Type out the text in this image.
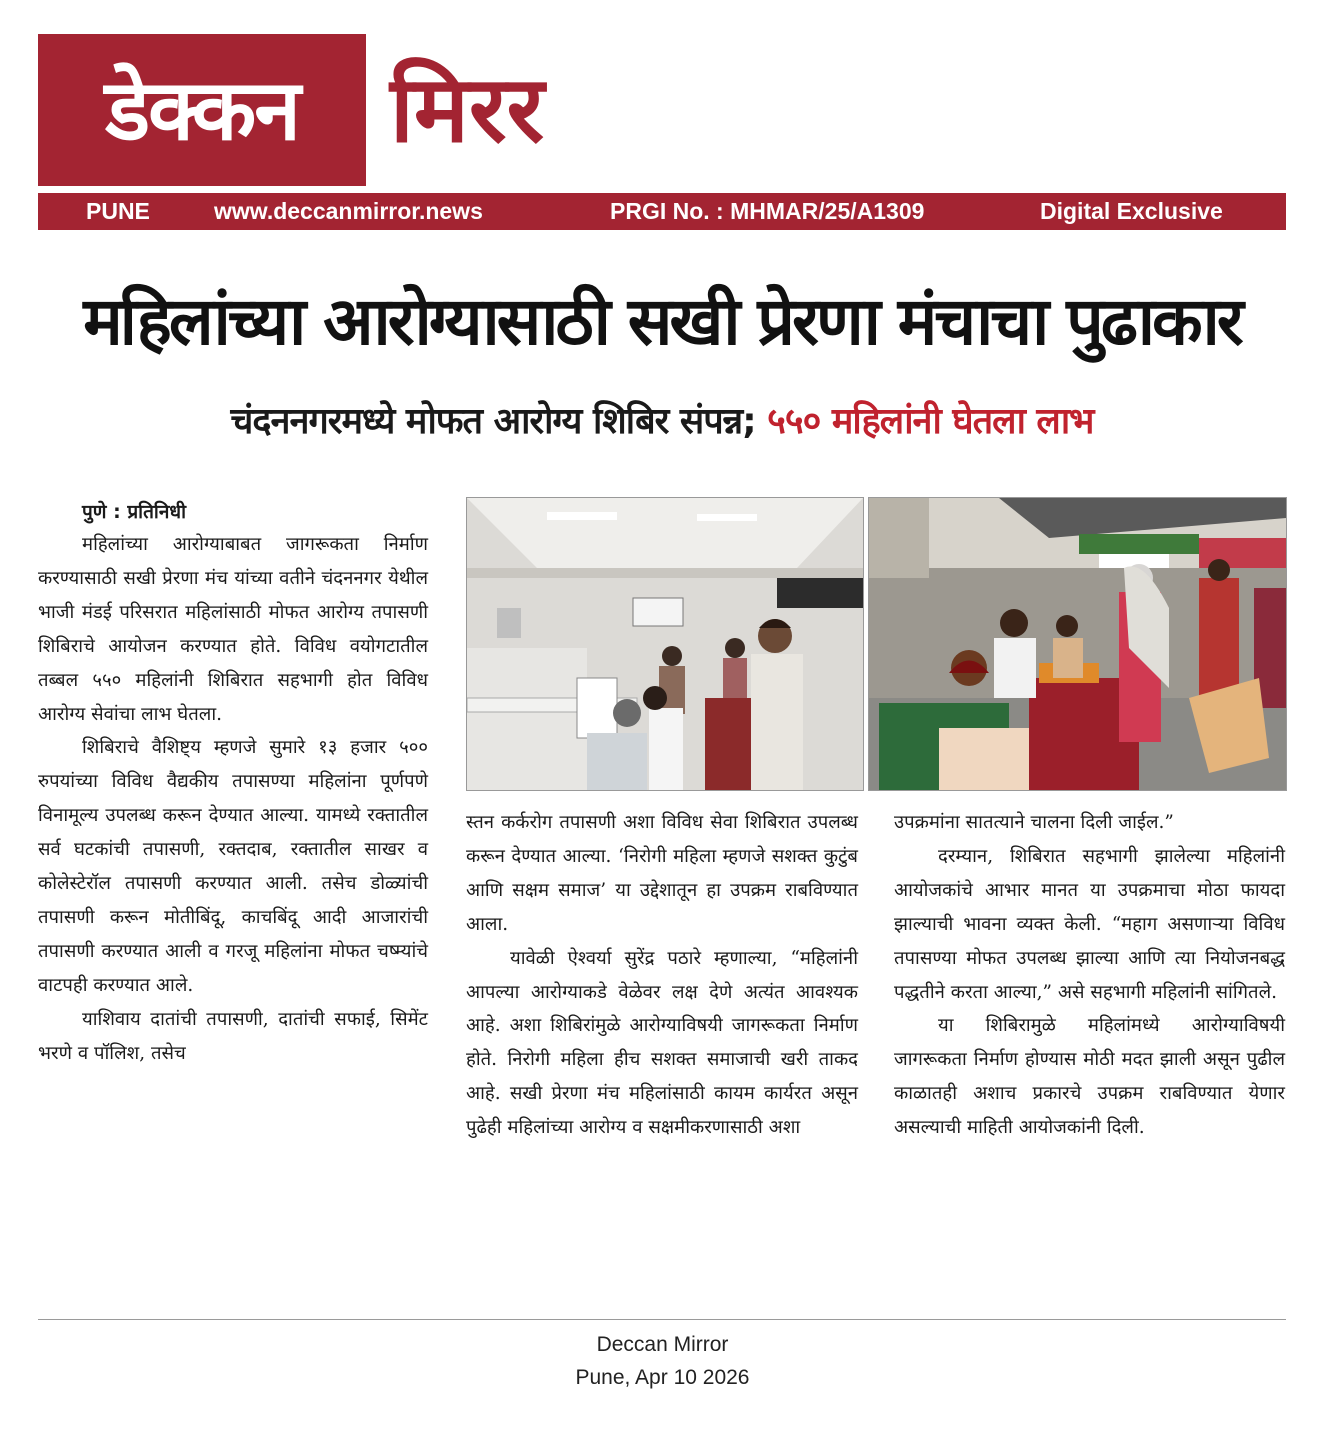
डेक्कन मिरर
PUNE	www.deccanmirror.news	PRGI No. : MHMAR/25/A1309	Digital Exclusive
महिलांच्या आरोग्यासाठी सखी प्रेरणा मंचाचा पुढाकार
चंदननगरमध्ये मोफत आरोग्य शिबिर संपन्न; ५५० महिलांनी घेतला लाभ

पुणे : प्रतिनिधी

महिलांच्या आरोग्याबाबत जागरूकता निर्माण करण्यासाठी सखी प्रेरणा मंच यांच्या वतीने चंदननगर येथील भाजी मंडई परिसरात महिलांसाठी मोफत आरोग्य तपासणी शिबिराचे आयोजन करण्यात होते. विविध वयोगटातील तब्बल ५५० महिलांनी शिबिरात सहभागी होत विविध आरोग्य सेवांचा लाभ घेतला.

शिबिराचे वैशिष्ट्य म्हणजे सुमारे १३ हजार ५०० रुपयांच्या विविध वैद्यकीय तपासण्या महिलांना पूर्णपणे विनामूल्य उपलब्ध करून देण्यात आल्या. यामध्ये रक्तातील सर्व घटकांची तपासणी, रक्तदाब, रक्तातील साखर व कोलेस्टेरॉल तपासणी करण्यात आली. तसेच डोळ्यांची तपासणी करून मोतीबिंदू, काचबिंदू आदी आजारांची तपासणी करण्यात आली व गरजू महिलांना मोफत चष्म्यांचे वाटपही करण्यात आले.

याशिवाय दातांची तपासणी, दातांची सफाई, सिमेंट भरणे व पॉलिश, तसेच

स्तन कर्करोग तपासणी अशा विविध सेवा शिबिरात उपलब्ध करून देण्यात आल्या. ‘निरोगी महिला म्हणजे सशक्त कुटुंब आणि सक्षम समाज’ या उद्देशातून हा उपक्रम राबविण्यात आला.

यावेळी ऐश्वर्या सुरेंद्र पठारे म्हणाल्या, “महिलांनी आपल्या आरोग्याकडे वेळेवर लक्ष देणे अत्यंत आवश्यक आहे. अशा शिबिरांमुळे आरोग्याविषयी जागरूकता निर्माण होते. निरोगी महिला हीच सशक्त समाजाची खरी ताकद आहे. सखी प्रेरणा मंच महिलांसाठी कायम कार्यरत असून पुढेही महिलांच्या आरोग्य व सक्षमीकरणासाठी अशा

उपक्रमांना सातत्याने चालना दिली जाईल.”

दरम्यान, शिबिरात सहभागी झालेल्या महिलांनी आयोजकांचे आभार मानत या उपक्रमाचा मोठा फायदा झाल्याची भावना व्यक्त केली. “महाग असणाऱ्या विविध तपासण्या मोफत उपलब्ध झाल्या आणि त्या नियोजनबद्ध पद्धतीने करता आल्या,” असे सहभागी महिलांनी सांगितले.

या शिबिरामुळे महिलांमध्ये आरोग्याविषयी जागरूकता निर्माण होण्यास मोठी मदत झाली असून पुढील काळातही अशाच प्रकारचे उपक्रम राबविण्यात येणार असल्याची माहिती आयोजकांनी दिली.

Deccan Mirror
Pune, Apr 10 2026
